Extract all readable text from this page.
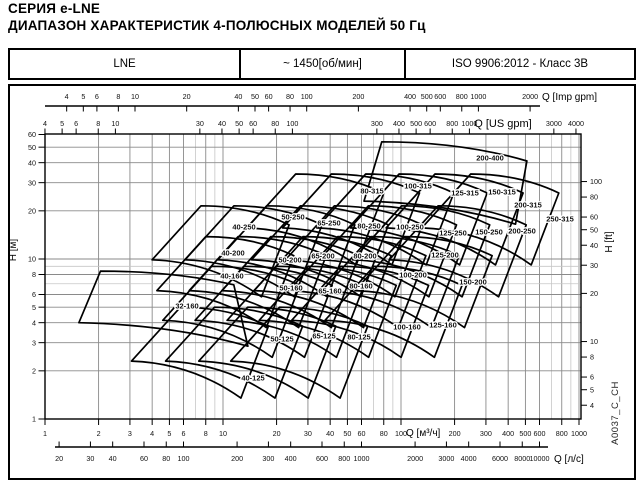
СЕРИЯ e-LNE
ДИАПАЗОН ХАРАКТЕРИСТИК 4-ПОЛЮСНЫХ МОДЕЛЕЙ 50 Гц
LNE	~ 1450[об/мин]	ISO 9906:2012 - Класс 3В
1
2
3
4
5
6
8
10
20
30
40
50
60
H [м]
4
5
6
8
10
20
30
40
50
60
80
100
H [ft]
4 5 6 8 10	20	40 50 60 80 100	200	400 500 600 800 1000	2000 Q [Imp gpm]
4 5 6	8 10	30 40 50 60 80 100	300 400 500 600 800 1000	3000 4000
Q [US gpm]
1	2	3	4 5 6	8 10	20	30 40 50 60 80 100	200	300 400 500 600 800 1000
Q [м³/ч]
20	30 40	60 80 100	200	300 400	600 800 1000	2000 3000 4000 6000 8000 10000 Q [л/с]
32-160
40-125
50-125 65-125 80-125
40-160
50-160 65-160
80-160
100-160 125-160
40-200
50-200 65-200 80-200
100-200
125-200
150-200
40-250
50-250
65-250 80-250 100-250
125-250 150-250 200-250
80-315
100-315
125-315 150-315
200-315
250-315
200-400
A0037_C_CH
